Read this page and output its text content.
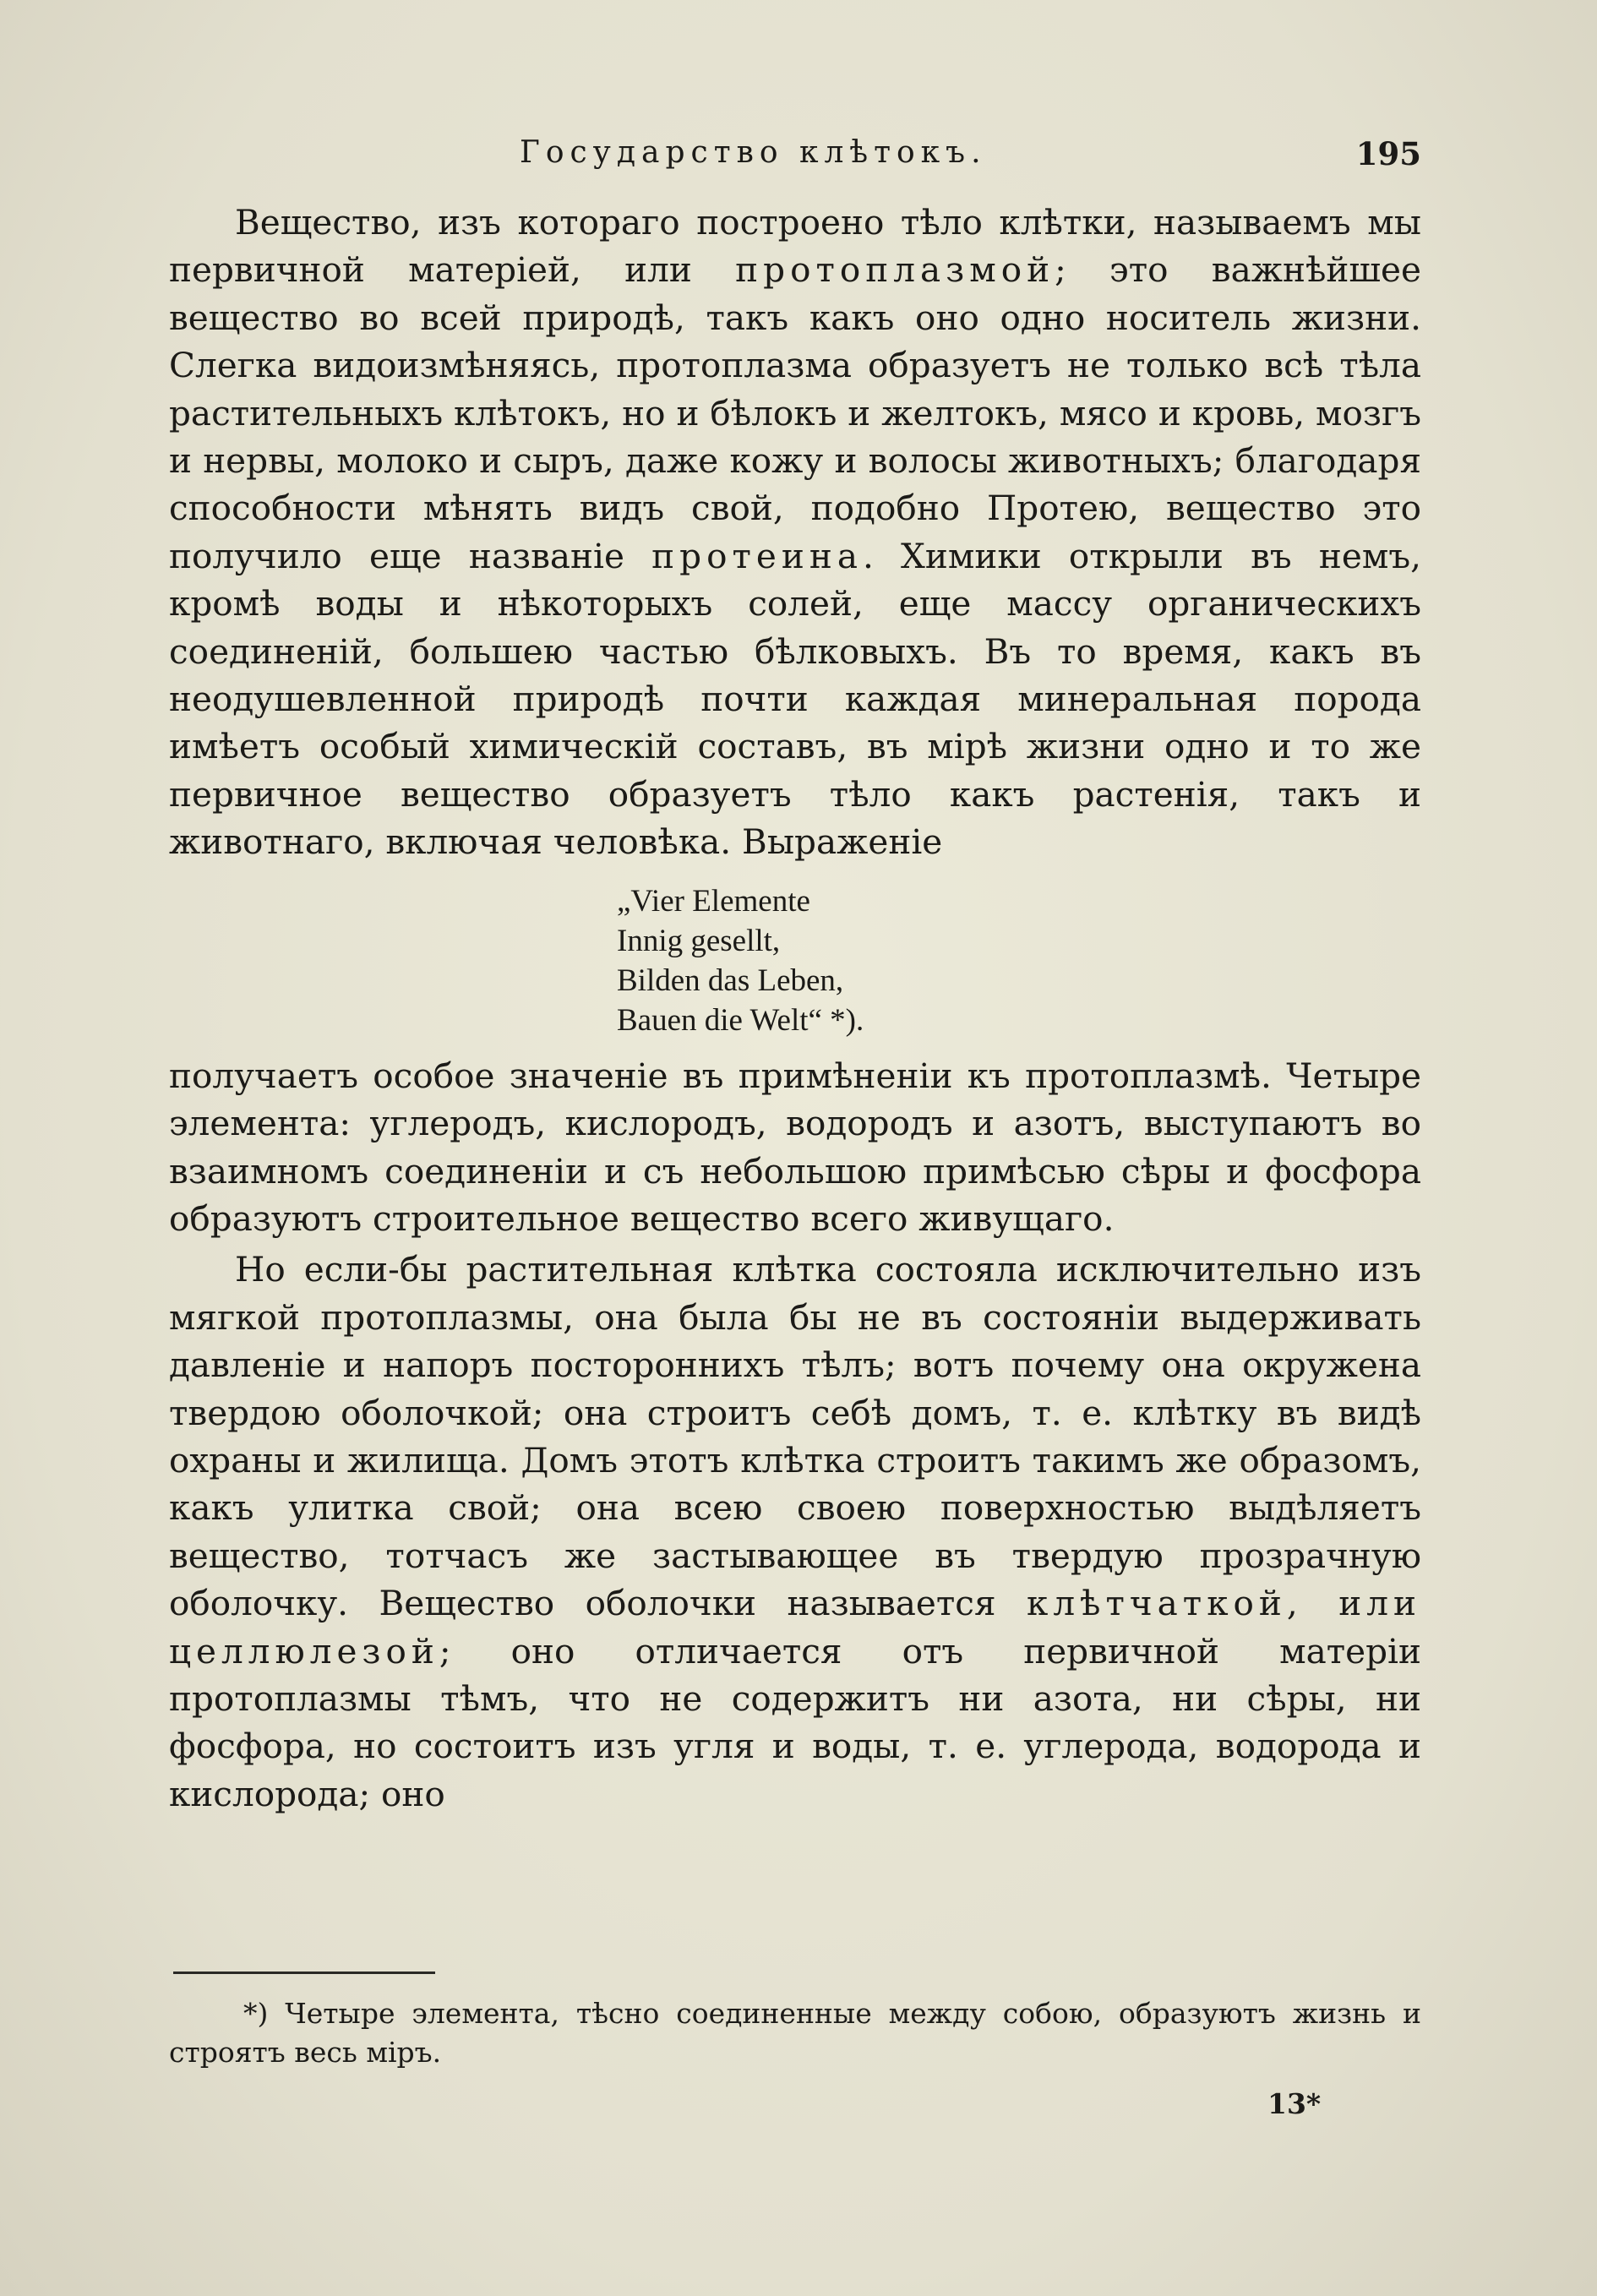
Государство клѣтокъ.	195

Вещество, изъ котораго построено тѣло клѣтки, называемъ мы первичной матеріей, или протоплазмой; это важнѣйшее вещество во всей природѣ, такъ какъ оно одно носитель жизни. Слегка видоизмѣняясь, протоплазма образуетъ не только всѣ тѣла растительныхъ клѣтокъ, но и бѣлокъ и желтокъ, мясо и кровь, мозгъ и нервы, молоко и сыръ, даже кожу и волосы животныхъ; благодаря способности мѣнять видъ свой, подобно Протею, вещество это получило еще названіе протеина. Химики открыли въ немъ, кромѣ воды и нѣкоторыхъ солей, еще массу органическихъ соединеній, большею частью бѣлковыхъ. Въ то время, какъ въ неодушевленной природѣ почти каждая минеральная порода имѣетъ особый химическій составъ, въ мірѣ жизни одно и то же первичное вещество образуетъ тѣло какъ растенія, такъ и животнаго, включая человѣка. Выраженіе

„Vier Elemente
Innig gesellt,
Bilden das Leben,
Bauen die Welt“ *).

получаетъ особое значеніе въ примѣненіи къ протоплазмѣ. Четыре элемента: углеродъ, кислородъ, водородъ и азотъ, выступаютъ во взаимномъ соединеніи и съ небольшою примѣсью сѣры и фосфора образуютъ строительное вещество всего живущаго.

Но если-бы растительная клѣтка состояла исключительно изъ мягкой протоплазмы, она была бы не въ состояніи выдерживать давленіе и напоръ постороннихъ тѣлъ; вотъ почему она окружена твердою оболочкой; она строитъ себѣ домъ, т. е. клѣтку въ видѣ охраны и жилища. Домъ этотъ клѣтка строитъ такимъ же образомъ, какъ улитка свой; она всею своею поверхностью выдѣляетъ вещество, тотчасъ же застывающее въ твердую прозрачную оболочку. Вещество оболочки называется клѣтчаткой, или целлюлезой; оно отличается отъ первичной матеріи протоплазмы тѣмъ, что не содержитъ ни азота, ни сѣры, ни фосфора, но состоитъ изъ угля и воды, т. е. углерода, водорода и кислорода; оно

*) Четыре элемента, тѣсно соединенные между собою, образуютъ жизнь и строятъ весь міръ.
13*
